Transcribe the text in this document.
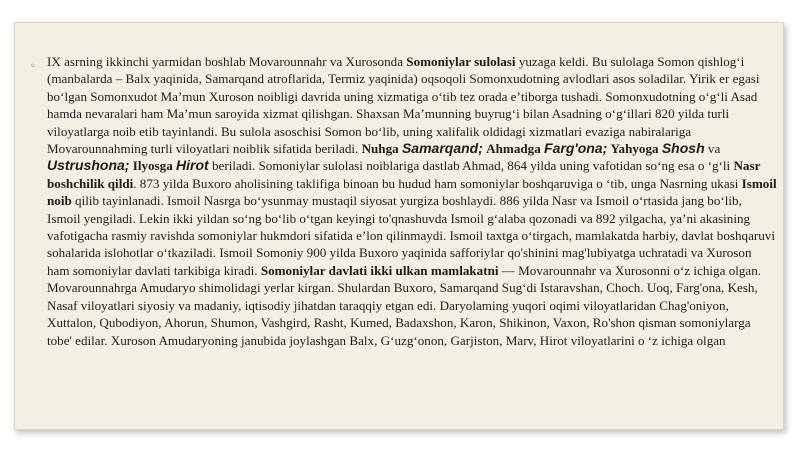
◦ IX asrning ikkinchi yarmidan boshlab Movarounnahr va Xurosonda Somoniylar sulolasi yuzaga keldi. Bu sulolaga Somon qishlogʻi (manbalarda – Balx yaqinida, Samarqand atroflarida, Termiz yaqinida) oqsoqoli Somonxudotning avlodlari asos soladilar. Yirik er egasi boʻlgan Somonxudot Maʼmun Xuroson noibligi davrida uning xizmatiga oʻtib tez orada eʼtiborga tushadi. Somonxudotning oʻgʻli Asad hamda nevaralari ham Maʼmun saroyida xizmat qilishgan. Shaxsan Maʼmunning buyrugʻi bilan Asadning oʻgʻillari 820 yilda turli viloyatlarga noib etib tayinlandi. Bu sulola asoschisi Somon boʻlib, uning xalifalik oldidagi xizmatlari evaziga nabiralariga Movarounnahming turli viloyatlari noiblik sifatida beriladi. Nuhga Samarqand; Ahmadga Farg'ona; Yahyoga Shosh va Ustrushona; Ilyosga Hirot beriladi. Somoniylar sulolasi noiblariga dastlab Ahmad, 864 yilda uning vafotidan soʻng esa o ʻgʻli Nasr boshchilik qildi. 873 yilda Buxoro aholisining taklifiga binoan bu hudud ham somoniylar boshqaruviga o ʻtib, unga Nasrning ukasi Ismoil noib qilib tayinlanadi. Ismoil Nasrga boʻysunmay mustaqil siyosat yurgiza boshlaydi. 886 yilda Nasr va Ismoil oʻrtasida jang boʻlib, Ismoil yengiladi. Lekin ikki yildan soʻng boʻlib oʻtgan keyingi to'qnashuvda Ismoil gʻalaba qozonadi va 892 yilgacha, yaʼni akasining vafotigacha rasmiy ravishda somoniylar hukmdori sifatida eʼlon qilinmaydi. Ismoil taxtga oʻtirgach, mamlakatda harbiy, davlat boshqaruvi sohalarida islohotlar oʻtkaziladi. Ismoil Somoniy 900 yilda Buxoro yaqinida safforiylar qo'shinini mag'lubiyatga uchratadi va Xuroson ham somoniylar davlati tarkibiga kiradi. Somoniylar davlati ikki ulkan mamlakatni — Movarounnahr va Xurosonni oʻz ichiga olgan. Movarounnahrga Amudaryo shimolidagi yerlar kirgan. Shulardan Buxoro, Samarqand Sugʻdi Istaravshan, Choch. Uoq, Farg'ona, Kesh, Nasaf viloyatlari siyosiy va madaniy, iqtisodiy jihatdan taraqqiy etgan edi. Daryolaming yuqori oqimi viloyatlaridan Chag'oniyon, Xuttalon, Qubodiyon, Ahorun, Shumon, Vashgird, Rasht, Kumed, Badaxshon, Karon, Shikinon, Vaxon, Ro'shon qisman somoniylarga tobe' edilar. Xuroson Amudaryoning janubida joylashgan Balx, Gʻuzgʻonon, Garjiston, Marv, Hirot viloyatlarini o ʻz ichiga olgan
